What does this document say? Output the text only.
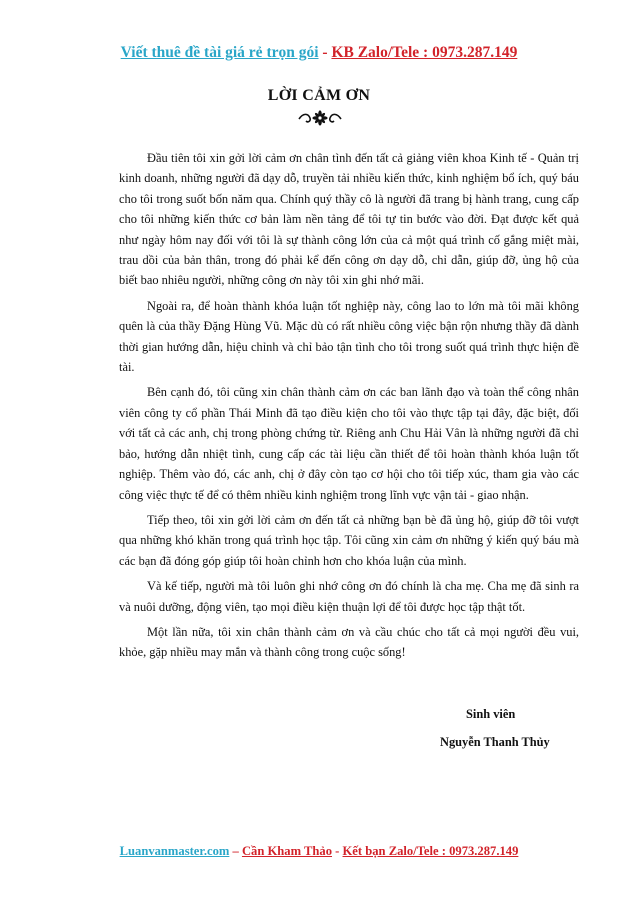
Viết thuê đề tài giá rẻ trọn gói - KB Zalo/Tele : 0973.287.149
LỜI CẢM ƠN

Đầu tiên tôi xin gởi lời cảm ơn chân tình đến tất cả giảng viên khoa Kinh tế - Quản trị kinh doanh, những người đã dạy dỗ, truyền tải nhiều kiến thức, kinh nghiệm bổ ích, quý báu cho tôi trong suốt bốn năm qua. Chính quý thầy cô là người đã trang bị hành trang, cung cấp cho tôi những kiến thức cơ bản làm nền tảng để tôi tự tin bước vào đời. Đạt được kết quả như ngày hôm nay đối với tôi là sự thành công lớn của cả một quá trình cố gắng miệt mài, trau dồi của bản thân, trong đó phải kể đến công ơn dạy dỗ, chỉ dẫn, giúp đỡ, ủng hộ của biết bao nhiêu người, những công ơn này tôi xin ghi nhớ mãi.

Ngoài ra, để hoàn thành khóa luận tốt nghiệp này, công lao to lớn mà tôi mãi không quên là của thầy Đặng Hùng Vũ. Mặc dù có rất nhiều công việc bận rộn nhưng thầy đã dành thời gian hướng dẫn, hiệu chỉnh và chỉ bảo tận tình cho tôi trong suốt quá trình thực hiện đề tài.

Bên cạnh đó, tôi cũng xin chân thành cảm ơn các ban lãnh đạo và toàn thể công nhân viên công ty cổ phần Thái Minh đã tạo điều kiện cho tôi vào thực tập tại đây, đặc biệt, đối với tất cả các anh, chị trong phòng chứng từ. Riêng anh Chu Hải Vân là những người đã chỉ bảo, hướng dẫn nhiệt tình, cung cấp các tài liệu cần thiết để tôi hoàn thành khóa luận tốt nghiệp. Thêm vào đó, các anh, chị ở đây còn tạo cơ hội cho tôi tiếp xúc, tham gia vào các công việc thực tế để có thêm nhiều kinh nghiệm trong lĩnh vực vận tải - giao nhận.

Tiếp theo, tôi xin gởi lời cảm ơn đến tất cả những bạn bè đã ủng hộ, giúp đỡ tôi vượt qua những khó khăn trong quá trình học tập. Tôi cũng xin cảm ơn những ý kiến quý báu mà các bạn đã đóng góp giúp tôi hoàn chỉnh hơn cho khóa luận của mình.

Và kế tiếp, người mà tôi luôn ghi nhớ công ơn đó chính là cha mẹ. Cha mẹ đã sinh ra và nuôi dưỡng, động viên, tạo mọi điều kiện thuận lợi để tôi được học tập thật tốt.

Một lần nữa, tôi xin chân thành cảm ơn và cầu chúc cho tất cả mọi người đều vui, khỏe, gặp nhiều may mắn và thành công trong cuộc sống!

Sinh viên
Nguyễn Thanh Thủy
Luanvanmaster.com – Cần Kham Thảo - Kết bạn Zalo/Tele : 0973.287.149
